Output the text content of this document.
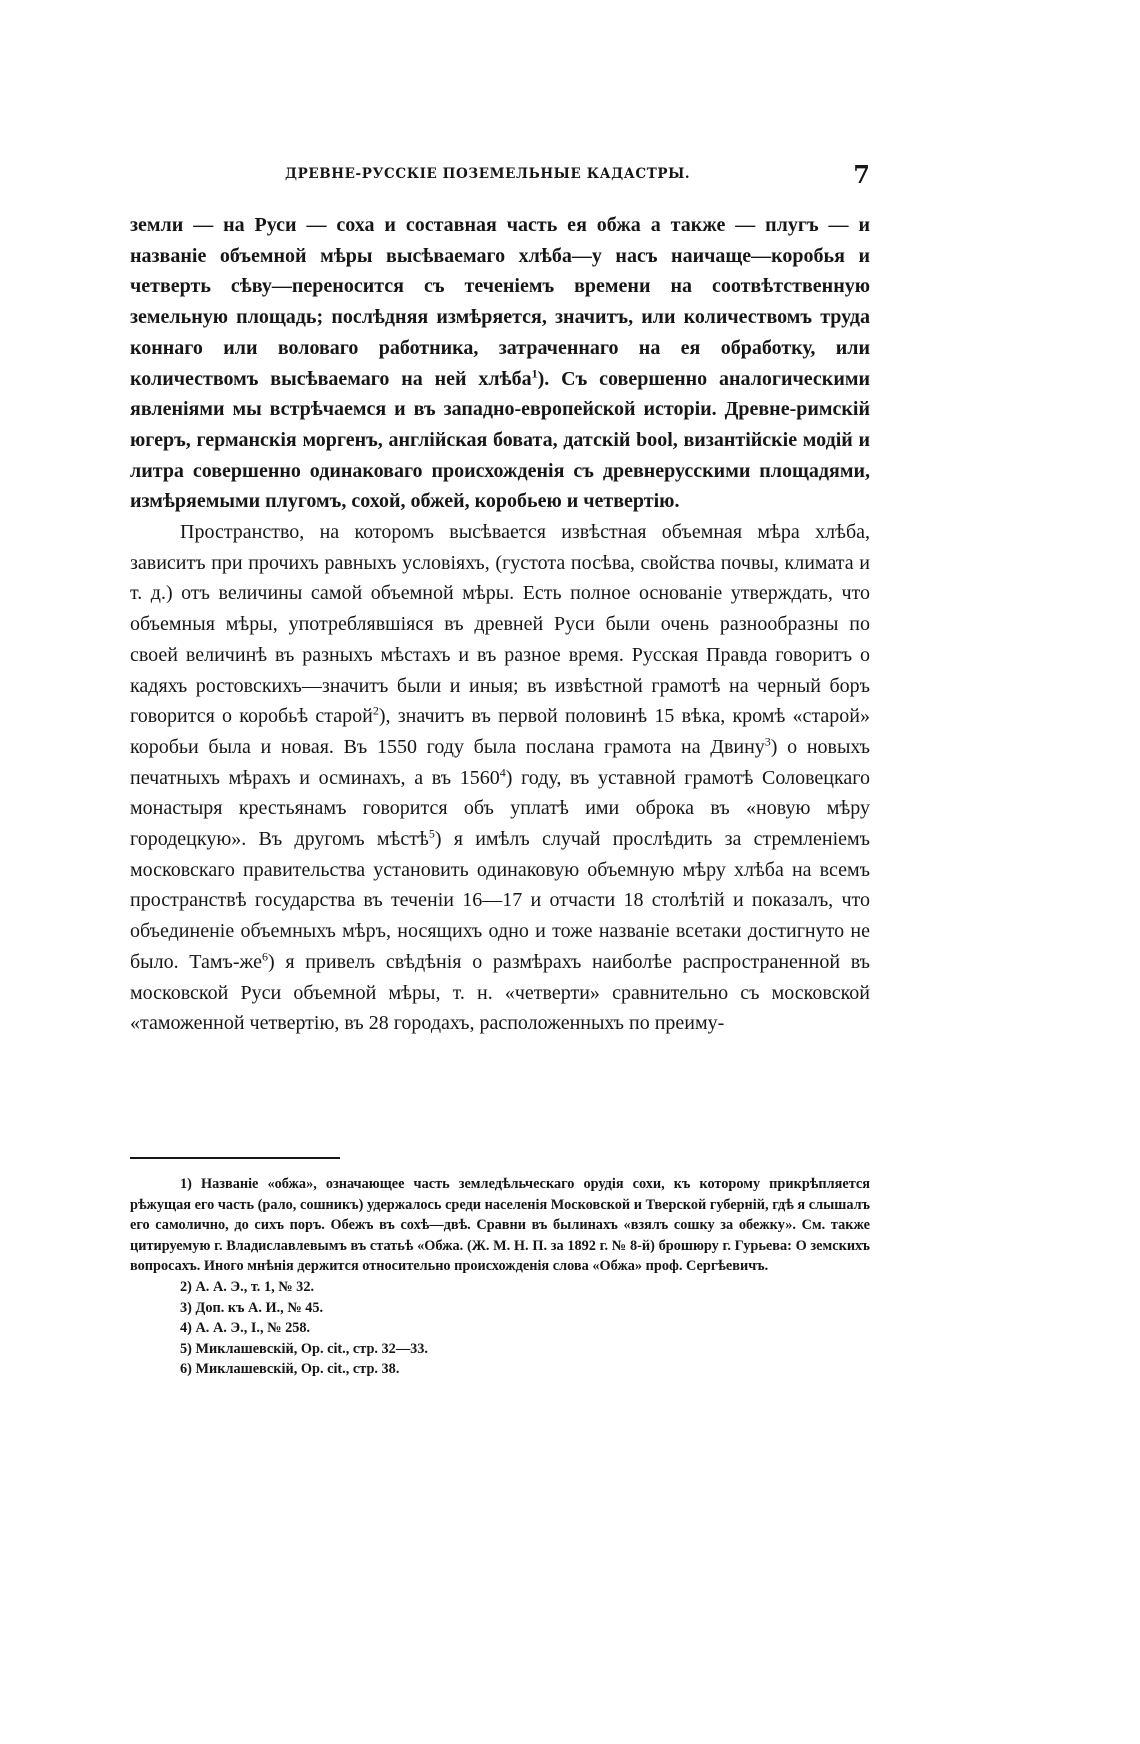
ДРЕВНЕ-РУССКІЕ ПОЗЕМЕЛЬНЫЕ КАДАСТРЫ.	7

земли — на Руси — соха и составная часть ея обжа а также — плугъ — и названіе объемной мѣры высѣваемаго хлѣба—у насъ наичаще—коробья и четверть сѣву—переносится съ теченіемъ времени на соотвѣтственную земельную площадь; послѣдняя измѣряется, значитъ, или количествомъ труда коннаго или воловаго работника, затраченнаго на ея обработку, или количествомъ высѣваемаго на ней хлѣба$^1$). Съ совершенно аналогическими явленіями мы встрѣчаемся и въ западно-европейской исторіи. Древне-римскій югеръ, германскія моргенъ, англійская бовата, датскій bool, византійскіе модій и литра совершенно одинаковаго происхожденія съ древнерусскими площадями, измѣряемыми плугомъ, сохой, обжей, коробьею и четвертію.

Пространство, на которомъ высѣвается извѣстная объемная мѣра хлѣба, зависитъ при прочихъ равныхъ условіяхъ, (густота посѣва, свойства почвы, климата и т. д.) отъ величины самой объемной мѣры. Есть полное основаніе утверждать, что объемныя мѣры, употреблявшіяся въ древней Руси были очень разнообразны по своей величинѣ въ разныхъ мѣстахъ и въ разное время. Русская Правда говоритъ о кадяхъ ростовскихъ—значитъ были и иныя; въ извѣстной грамотѣ на черный боръ говорится о коробьѣ старой$^2$), значитъ въ первой половинѣ 15 вѣка, кромѣ «старой» коробьи была и новая. Въ 1550 году была послана грамота на Двину$^3$) о новыхъ печатныхъ мѣрахъ и осминахъ, а въ 1560$^4$) году, въ уставной грамотѣ Соловецкаго монастыря крестьянамъ говорится объ уплатѣ ими оброка въ «новую мѣру городецкую». Въ другомъ мѣстѣ$^5$) я имѣлъ случай прослѣдить за стремленіемъ московскаго правительства установить одинаковую объемную мѣру хлѣба на всемъ пространствѣ государства въ теченіи 16—17 и отчасти 18 столѣтій и показалъ, что объединеніе объемныхъ мѣръ, носящихъ одно и тоже названіе всетаки достигнуто не было. Тамъ-$же^6$) я привелъ свѣдѣнія о размѣрахъ наиболѣе распространенной въ московской Руси объемной мѣры, т. н. «четверти» сравнительно съ московской «таможенной четвертію, въ 28 городахъ, расположенныхъ по преиму-

1) Названіе «обжа», означающее часть земледѣльческаго орудія сохи, къ которому прикрѣпляется рѣжущая его часть (рало, сошникъ) удержалось среди населенія Московской и Тверской губерній, гдѣ я слышалъ его самолично, до сихъ поръ. Обежъ въ сохѣ—двѣ. Сравни въ былинахъ «взялъ сошку за обежку». См. также цитируемую г. Владиславлевымъ въ статьѣ «Обжа. (Ж. М. Н. П. за 1892 г. № 8-й) брошюру г. Гурьева: О земскихъ вопросахъ. Иного мнѣнія держится относительно происхожденія слова «Обжа» проф. Сергѣевичъ.

2) А. А. Э., т. 1, № 32.

3) Доп. къ А. И., № 45.

4) А. А. Э., I., № 258.

5) Миклашевскій, Op. cit., стр. 32—33.

6) Миклашевскій, Op. cit., стр. 38.
